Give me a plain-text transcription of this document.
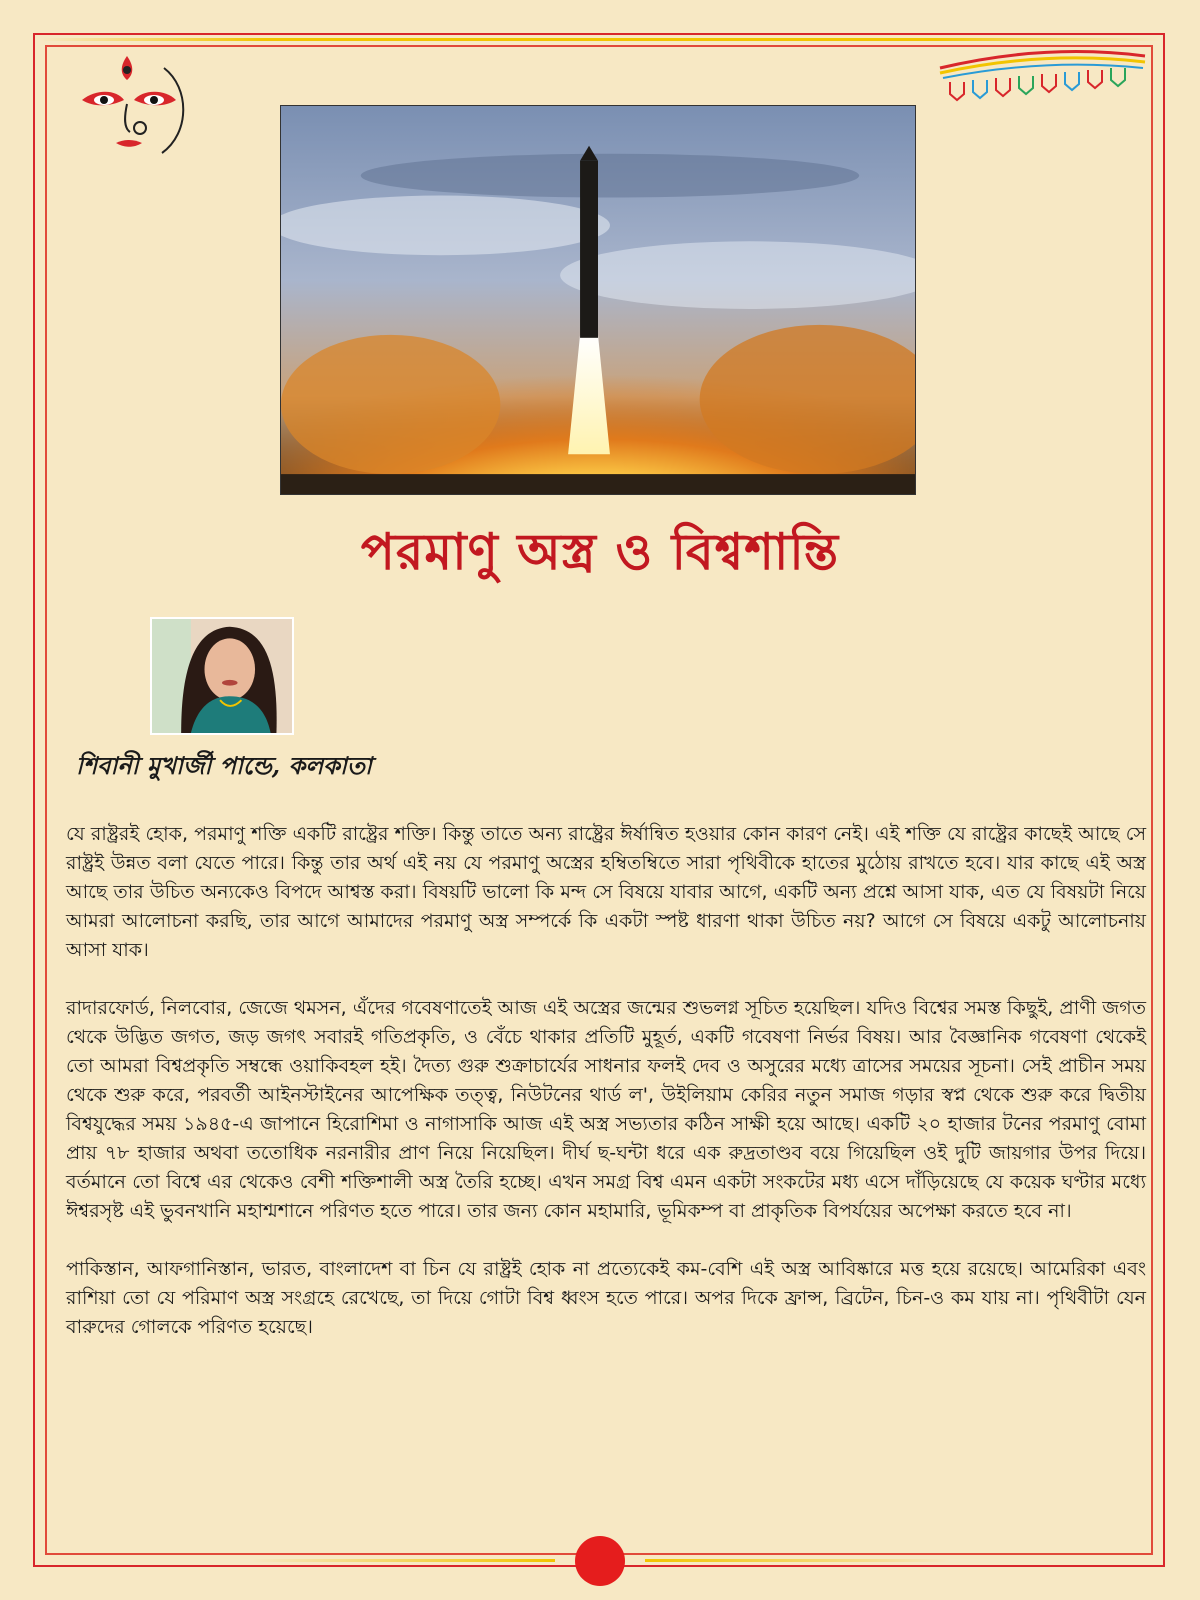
পরমাণু অস্ত্র ও বিশ্বশান্তি
শিবানী মুখার্জী পান্ডে, কলকাতা

যে রাষ্ট্ররই হোক, পরমাণু শক্তি একটি রাষ্ট্রের শক্তি। কিন্তু তাতে অন্য রাষ্ট্রের ঈর্ষান্বিত হওয়ার কোন কারণ নেই। এই শক্তি যে রাষ্ট্রের কাছেই আছে সে রাষ্ট্রই উন্নত বলা যেতে পারে। কিন্তু তার অর্থ এই নয় যে পরমাণু অস্ত্রের হম্বিতম্বিতে সারা পৃথিবীকে হাতের মুঠোয় রাখতে হবে। যার কাছে এই অস্ত্র আছে তার উচিত অন্যকেও বিপদে আশ্বস্ত করা। বিষয়টি ভালো কি মন্দ সে বিষয়ে যাবার আগে, একটি অন্য প্রশ্নে আসা যাক, এত যে বিষয়টা নিয়ে আমরা আলোচনা করছি, তার আগে আমাদের পরমাণু অস্ত্র সম্পর্কে কি একটা স্পষ্ট ধারণা থাকা উচিত নয়? আগে সে বিষয়ে একটু আলোচনায় আসা যাক।

রাদারফোর্ড, নিলবোর, জেজে থমসন, এঁদের গবেষণাতেই আজ এই অস্ত্রের জন্মের শুভলগ্ন সূচিত হয়েছিল। যদিও বিশ্বের সমস্ত কিছুই, প্রাণী জগত থেকে উদ্ভিত জগত, জড় জগৎ সবারই গতিপ্রকৃতি, ও বেঁচে থাকার প্রতিটি মুহূর্ত, একটি গবেষণা নির্ভর বিষয়। আর বৈজ্ঞানিক গবেষণা থেকেই তো আমরা বিশ্বপ্রকৃতি সম্বন্ধে ওয়াকিবহল হই। দৈত্য গুরু শুক্রাচার্যের সাধনার ফলই দেব ও অসুরের মধ্যে ত্রাসের সময়ের সূচনা। সেই প্রাচীন সময় থেকে শুরু করে, পরবর্তী আইনস্টাইনের আপেক্ষিক তত্ত্ব, নিউটনের থার্ড ল', উইলিয়াম কেরির নতুন সমাজ গড়ার স্বপ্ন থেকে শুরু করে দ্বিতীয় বিশ্বযুদ্ধের সময় ১৯৪৫-এ জাপানে হিরোশিমা ও নাগাসাকি আজ এই অস্ত্র সভ্যতার কঠিন সাক্ষী হয়ে আছে। একটি ২০ হাজার টনের পরমাণু বোমা প্রায় ৭৮ হাজার অথবা ততোধিক নরনারীর প্রাণ নিয়ে নিয়েছিল। দীর্ঘ ছ-ঘন্টা ধরে এক রুদ্রতাণ্ডব বয়ে গিয়েছিল ওই দুটি জায়গার উপর দিয়ে। বর্তমানে তো বিশ্বে এর থেকেও বেশী শক্তিশালী অস্ত্র তৈরি হচ্ছে। এখন সমগ্র বিশ্ব এমন একটা সংকটের মধ্য এসে দাঁড়িয়েছে যে কয়েক ঘণ্টার মধ্যে ঈশ্বরসৃষ্ট এই ভুবনখানি মহাশ্মশানে পরিণত হতে পারে। তার জন্য কোন মহামারি, ভূমিকম্প বা প্রাকৃতিক বিপর্যয়ের অপেক্ষা করতে হবে না।

পাকিস্তান, আফগানিস্তান, ভারত, বাংলাদেশ বা চিন যে রাষ্ট্রই হোক না প্রত্যেকেই কম-বেশি এই অস্ত্র আবিষ্কারে মত্ত হয়ে রয়েছে। আমেরিকা এবং রাশিয়া তো যে পরিমাণ অস্ত্র সংগ্রহে রেখেছে, তা দিয়ে গোটা বিশ্ব ধ্বংস হতে পারে। অপর দিকে ফ্রান্স, ব্রিটেন, চিন-ও কম যায় না। পৃথিবীটা যেন বারুদের গোলকে পরিণত হয়েছে।
